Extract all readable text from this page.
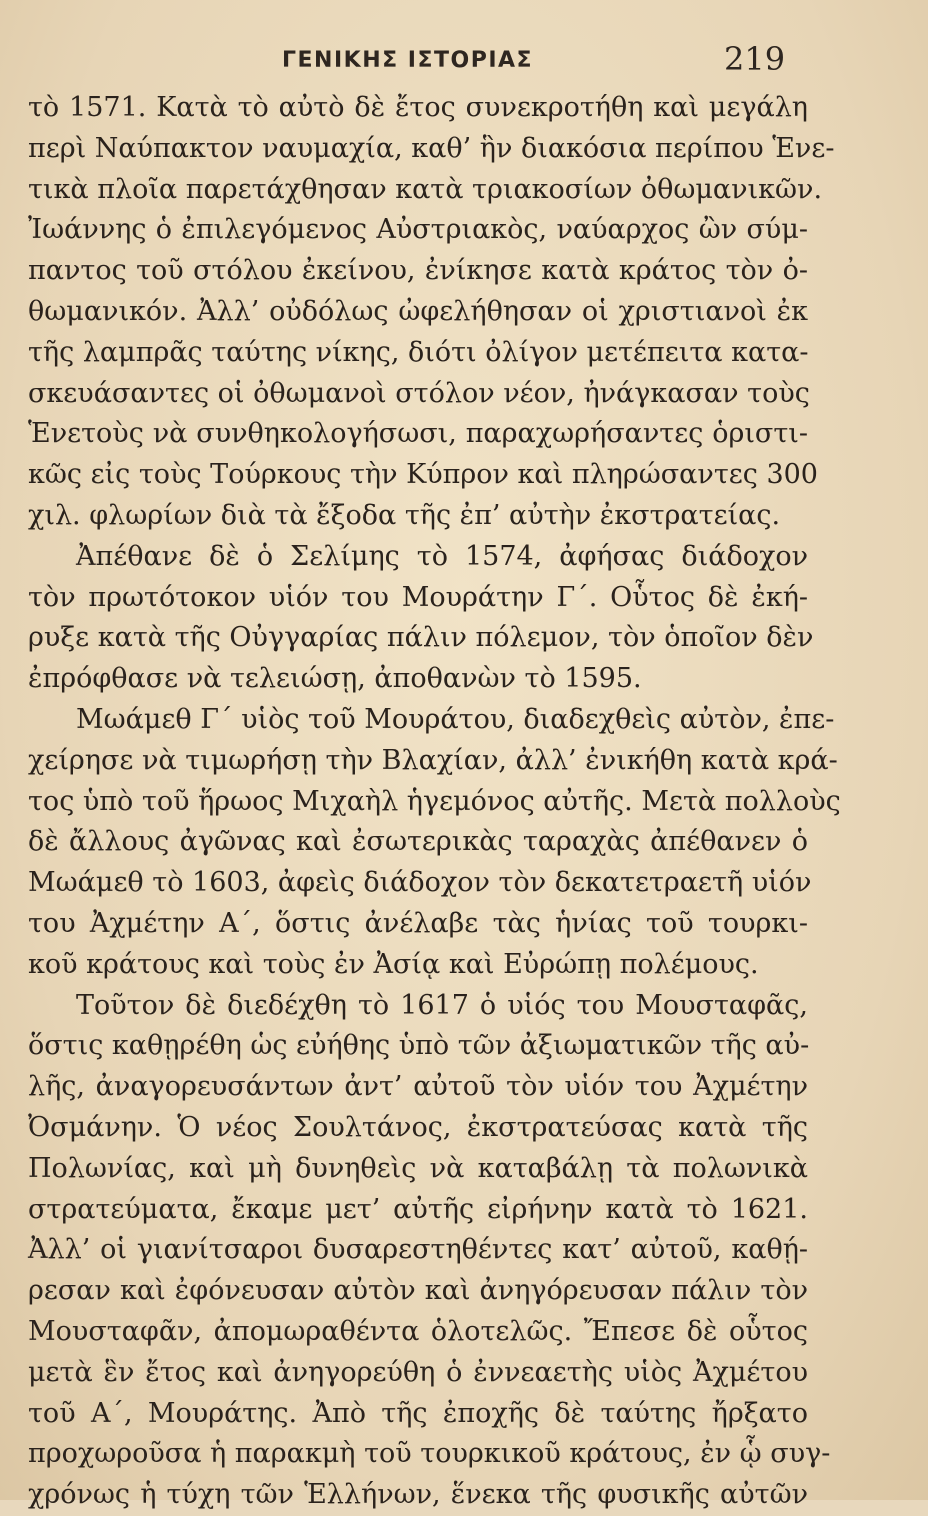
ΓΕΝΙΚΗΣ ΙΣΤΟΡΙΑΣ	219
τὸ 1571. Κατὰ τὸ αὐτὸ δὲ ἔτος συνεκροτήθη καὶ μεγάλη
περὶ Ναύπακτον ναυμαχία, καθ’ ἣν διακόσια περίπου Ἑνε-
τικὰ πλοῖα παρετάχθησαν κατὰ τριακοσίων ὀθωμανικῶν.
Ἰωάννης ὁ ἐπιλεγόμενος Αὐστριακὸς, ναύαρχος ὢν σύμ-
παντος τοῦ στόλου ἐκείνου, ἐνίκησε κατὰ κράτος τὸν ὀ-
θωμανικόν. Ἀλλ’ οὐδόλως ὠφελήθησαν οἱ χριστιανοὶ ἐκ
τῆς λαμπρᾶς ταύτης νίκης, διότι ὀλίγον μετέπειτα κατα-
σκευάσαντες οἱ ὀθωμανοὶ στόλον νέον, ἠνάγκασαν τοὺς
Ἑνετοὺς νὰ συνθηκολογήσωσι, παραχωρήσαντες ὁριστι-
κῶς εἰς τοὺς Τούρκους τὴν Κύπρον καὶ πληρώσαντες 300
χιλ. φλωρίων διὰ τὰ ἔξοδα τῆς ἐπ’ αὐτὴν ἐκστρατείας.
Ἀπέθανε δὲ ὁ Σελίμης τὸ 1574, ἀφήσας διάδοχον
τὸν πρωτότοκον υἱόν του Μουράτην Γ΄. Οὗτος δὲ ἐκή-
ρυξε κατὰ τῆς Οὐγγαρίας πάλιν πόλεμον, τὸν ὁποῖον δὲν
ἐπρόφθασε νὰ τελειώσῃ, ἀποθανὼν τὸ 1595.
Μωάμεθ Γ΄ υἱὸς τοῦ Μουράτου, διαδεχθεὶς αὐτὸν, ἐπε-
χείρησε νὰ τιμωρήσῃ τὴν Βλαχίαν, ἀλλ’ ἐνικήθη κατὰ κρά-
τος ὑπὸ τοῦ ἥρωος Μιχαὴλ ἡγεμόνος αὐτῆς. Μετὰ πολλοὺς
δὲ ἄλλους ἀγῶνας καὶ ἐσωτερικὰς ταραχὰς ἀπέθανεν ὁ
Μωάμεθ τὸ 1603, ἀφεὶς διάδοχον τὸν δεκατετραετῆ υἱόν
του Ἀχμέτην Α΄, ὅστις ἀνέλαβε τὰς ἡνίας τοῦ τουρκι-
κοῦ κράτους καὶ τοὺς ἐν Ἀσίᾳ καὶ Εὐρώπῃ πολέμους.
Τοῦτον δὲ διεδέχθη τὸ 1617 ὁ υἱός του Μουσταφᾶς,
ὅστις καθῃρέθη ὡς εὐήθης ὑπὸ τῶν ἀξιωματικῶν τῆς αὐ-
λῆς, ἀναγορευσάντων ἀντ’ αὐτοῦ τὸν υἱόν του Ἀχμέτην
Ὀσμάνην. Ὁ νέος Σουλτάνος, ἐκστρατεύσας κατὰ τῆς
Πολωνίας, καὶ μὴ δυνηθεὶς νὰ καταβάλῃ τὰ πολωνικὰ
στρατεύματα, ἔκαμε μετ’ αὐτῆς εἰρήνην κατὰ τὸ 1621.
Ἀλλ’ οἱ γιανίτσαροι δυσαρεστηθέντες κατ’ αὐτοῦ, καθῄ-
ρεσαν καὶ ἐφόνευσαν αὐτὸν καὶ ἀνηγόρευσαν πάλιν τὸν
Μουσταφᾶν, ἀπομωραθέντα ὁλοτελῶς. Ἔπεσε δὲ οὗτος
μετὰ ἓν ἔτος καὶ ἀνηγορεύθη ὁ ἐννεαετὴς υἱὸς Ἀχμέτου
τοῦ Α΄, Μουράτης. Ἀπὸ τῆς ἐποχῆς δὲ ταύτης ἤρξατο
προχωροῦσα ἡ παρακμὴ τοῦ τουρκικοῦ κράτους, ἐν ᾧ συγ-
χρόνως ἡ τύχη τῶν Ἑλλήνων, ἕνεκα τῆς φυσικῆς αὐτῶν
